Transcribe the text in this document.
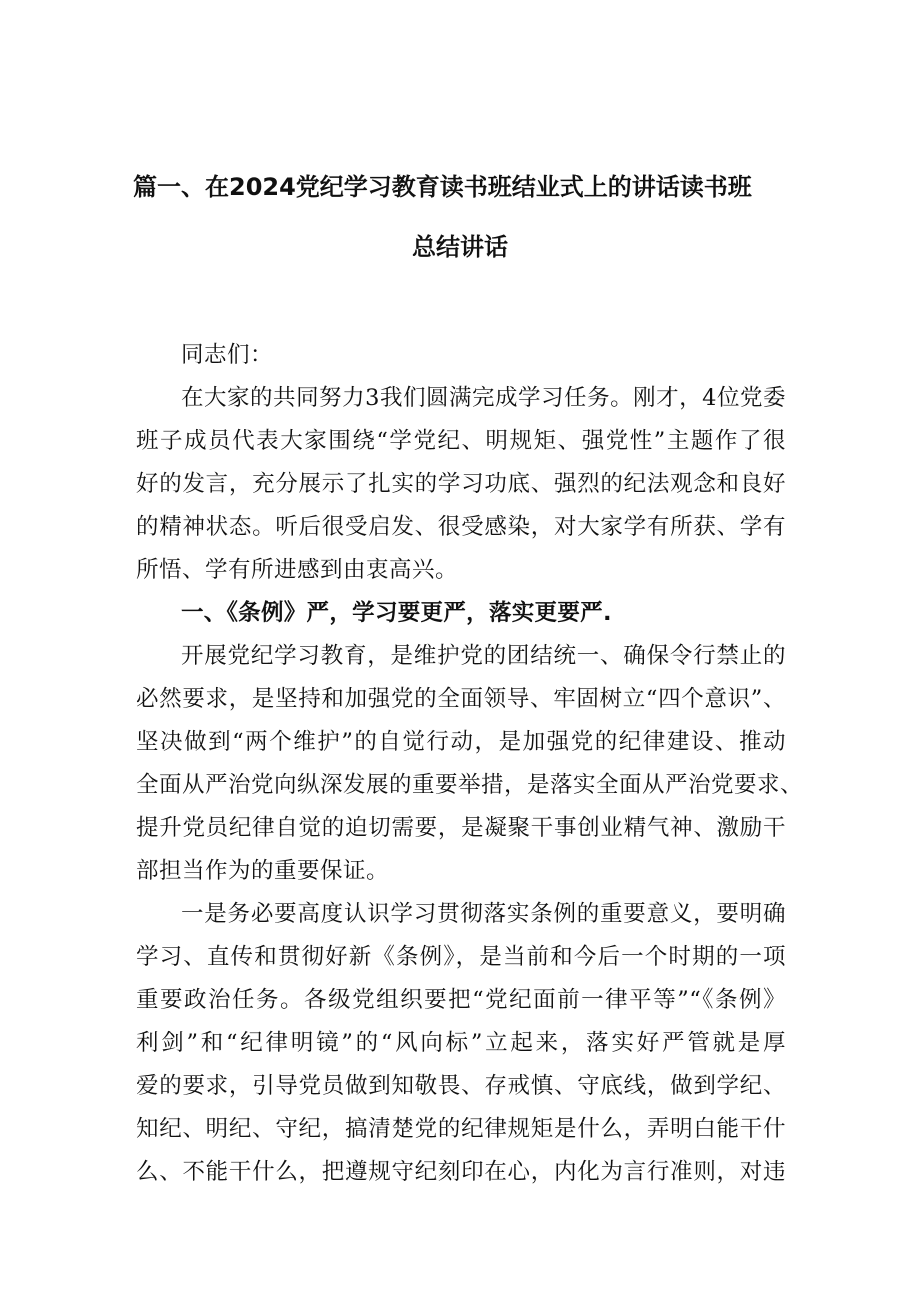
篇一、在2024党纪学习教育读书班结业式上的讲话读书班
总结讲话
同志们：
在大家的共同努力3我们圆满完成学习任务。刚才，4位党委
班子成员代表大家围绕“学党纪、明规矩、强党性”主题作了很
好的发言，充分展示了扎实的学习功底、强烈的纪法观念和良好
的精神状态。听后很受启发、很受感染，对大家学有所获、学有
所悟、学有所进感到由衷高兴。
一、《条例》严，学习要更严，落实更要严.
开展党纪学习教育，是维护党的团结统一、确保令行禁止的
必然要求，是坚持和加强党的全面领导、牢固树立“四个意识”、
坚决做到“两个维护”的自觉行动，是加强党的纪律建设、推动
全面从严治党向纵深发展的重要举措，是落实全面从严治党要求、
提升党员纪律自觉的迫切需要，是凝聚干事创业精气神、激励干
部担当作为的重要保证。
一是务必要高度认识学习贯彻落实条例的重要意义，要明确
学习、直传和贯彻好新《条例》，是当前和今后一个时期的一项
重要政治任务。各级党组织要把“党纪面前一律平等”“《条例》
利剑”和“纪律明镜”的“风向标”立起来，落实好严管就是厚
爱的要求，引导党员做到知敬畏、存戒慎、守底线，做到学纪、
知纪、明纪、守纪，搞清楚党的纪律规矩是什么，弄明白能干什
么、不能干什么，把遵规守纪刻印在心，内化为言行准则，对违
